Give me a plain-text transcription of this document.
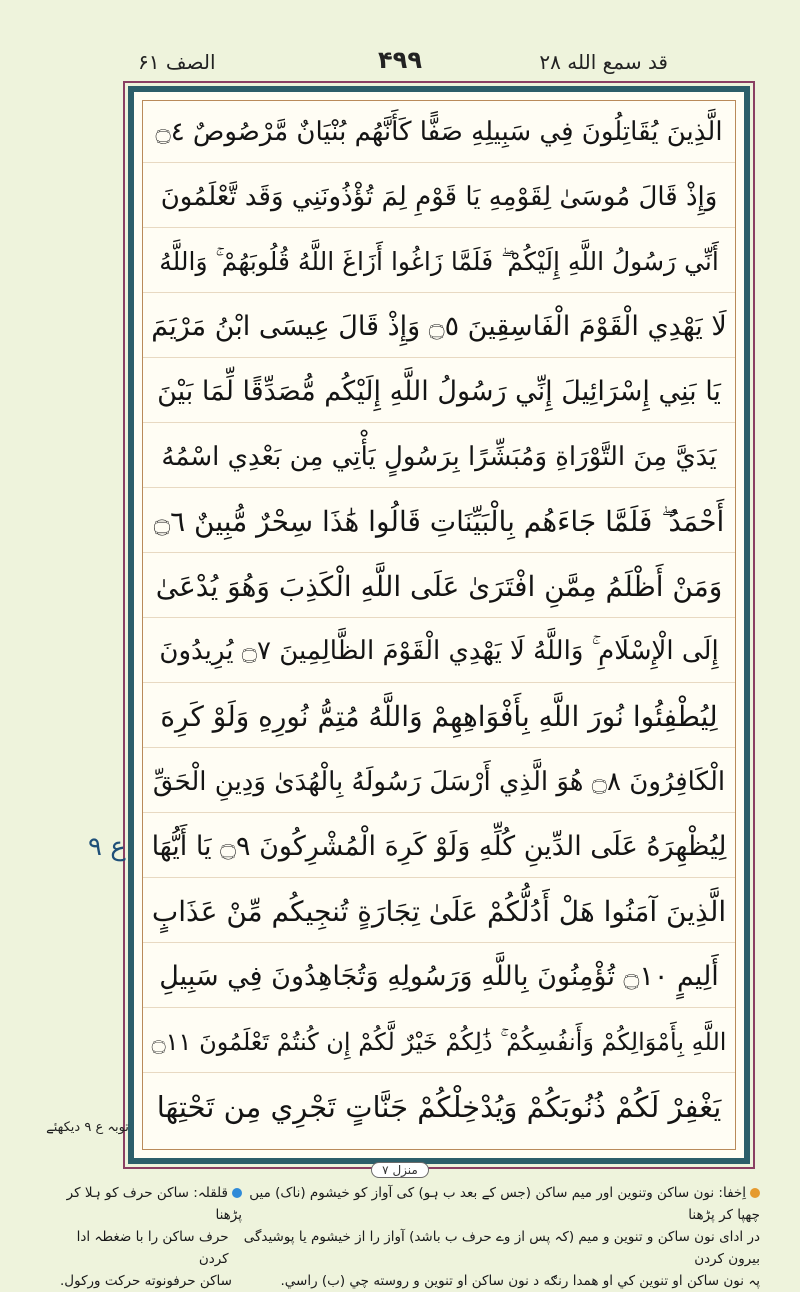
قد سمع الله ۲۸
۴۹۹
الصف ۶۱
الَّذِينَ يُقَاتِلُونَ فِي سَبِيلِهِ صَفًّا كَأَنَّهُم بُنْيَانٌ مَّرْصُوصٌ ۝٤
وَإِذْ قَالَ مُوسَىٰ لِقَوْمِهِ يَا قَوْمِ لِمَ تُؤْذُونَنِي وَقَد تَّعْلَمُونَ
أَنِّي رَسُولُ اللَّهِ إِلَيْكُمْ ۖ فَلَمَّا زَاغُوا أَزَاغَ اللَّهُ قُلُوبَهُمْ ۚ وَاللَّهُ
لَا يَهْدِي الْقَوْمَ الْفَاسِقِينَ ۝٥ وَإِذْ قَالَ عِيسَى ابْنُ مَرْيَمَ
يَا بَنِي إِسْرَائِيلَ إِنِّي رَسُولُ اللَّهِ إِلَيْكُم مُّصَدِّقًا لِّمَا بَيْنَ
يَدَيَّ مِنَ التَّوْرَاةِ وَمُبَشِّرًا بِرَسُولٍ يَأْتِي مِن بَعْدِي اسْمُهُ
أَحْمَدُ ۖ فَلَمَّا جَاءَهُم بِالْبَيِّنَاتِ قَالُوا هَٰذَا سِحْرٌ مُّبِينٌ ۝٦
وَمَنْ أَظْلَمُ مِمَّنِ افْتَرَىٰ عَلَى اللَّهِ الْكَذِبَ وَهُوَ يُدْعَىٰ
إِلَى الْإِسْلَامِ ۚ وَاللَّهُ لَا يَهْدِي الْقَوْمَ الظَّالِمِينَ ۝٧ يُرِيدُونَ
لِيُطْفِئُوا نُورَ اللَّهِ بِأَفْوَاهِهِمْ وَاللَّهُ مُتِمُّ نُورِهِ وَلَوْ كَرِهَ
الْكَافِرُونَ ۝٨ هُوَ الَّذِي أَرْسَلَ رَسُولَهُ بِالْهُدَىٰ وَدِينِ الْحَقِّ
لِيُظْهِرَهُ عَلَى الدِّينِ كُلِّهِ وَلَوْ كَرِهَ الْمُشْرِكُونَ ۝٩ يَا أَيُّهَا
الَّذِينَ آمَنُوا هَلْ أَدُلُّكُمْ عَلَىٰ تِجَارَةٍ تُنجِيكُم مِّنْ عَذَابٍ
أَلِيمٍ ۝١٠ تُؤْمِنُونَ بِاللَّهِ وَرَسُولِهِ وَتُجَاهِدُونَ فِي سَبِيلِ
اللَّهِ بِأَمْوَالِكُمْ وَأَنفُسِكُمْ ۚ ذَٰلِكُمْ خَيْرٌ لَّكُمْ إِن كُنتُمْ تَعْلَمُونَ ۝١١
يَغْفِرْ لَكُمْ ذُنُوبَكُمْ وَيُدْخِلْكُمْ جَنَّاتٍ تَجْرِي مِن تَحْتِهَا
ع ۹
توبہ ع ۹ دیکھئے
منزل ۷
اِخفا: نون ساکن وتنوین اور میم ساکن (جس کے بعد ب ہو) کی آواز کو خیشوم (ناک) میں چھپا کر پڑھنا
قلقلہ: ساکن حرف کو ہلا کر پڑھنا
در ادای نون ساکن و تنوین و میم (کہ پس از وے حرف ب باشد) آواز را از خیشوم یا پوشیدگی بیرون کردن
حرف ساکن را با ضغطہ ادا کردن
پہ نون ساکن او تنوین کي او همدا رنګه د نون ساکن او تنوین و روسته چي (ب) راسي.
ساکن حرفونوته حرکت ورکول.
